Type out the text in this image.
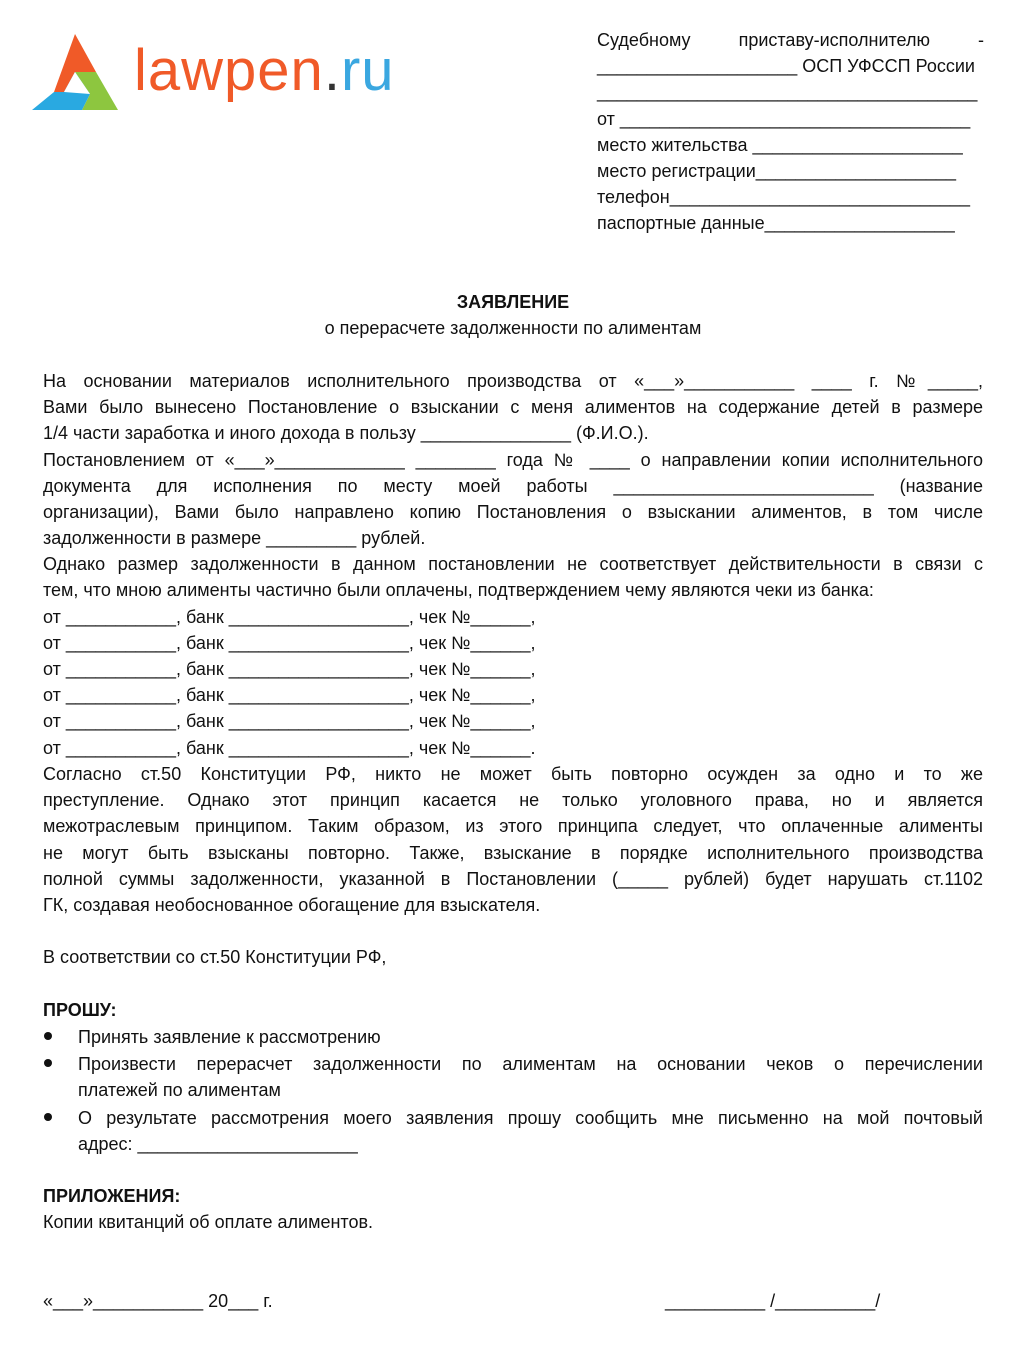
lawpen.ru	Судебному приставу-исполнителю -
____________________ ОСП УФССП России
______________________________________
от ___________________________________
место жительства _____________________
место регистрации____________________
телефон______________________________
паспортные данные___________________
ЗАЯВЛЕНИЕ
о перерасчете задолженности по алиментам
На основании материалов исполнительного производства от «___»___________ ____ г. №_____,
Вами было вынесено Постановление о взыскании с меня алиментов на содержание детей в размере
1/4 части заработка и иного дохода в пользу _______________ (Ф.И.О.).
Постановлением от «___»_____________ ________ года № ____ о направлении копии исполнительного
документа для исполнения по месту моей работы __________________________ (название
организации), Вами было направлено копию Постановления о взыскании алиментов, в том числе
задолженности в размере _________ рублей.
Однако размер задолженности в данном постановлении не соответствует действительности в связи с
тем, что мною алименты частично были оплачены, подтверждением чему являются чеки из банка:
от ___________, банк __________________, чек №______,
от ___________, банк __________________, чек №______,
от ___________, банк __________________, чек №______,
от ___________, банк __________________, чек №______,
от ___________, банк __________________, чек №______,
от ___________, банк __________________, чек №______.
Согласно ст.50 Конституции РФ, никто не может быть повторно осужден за одно и то же
преступление. Однако этот принцип касается не только уголовного права, но и является
межотраслевым принципом. Таким образом, из этого принципа следует, что оплаченные алименты
не могут быть взысканы повторно. Также, взыскание в порядке исполнительного производства
полной суммы задолженности, указанной в Постановлении (_____ рублей) будет нарушать ст.1102
ГК, создавая необоснованное обогащение для взыскателя.
В соответствии со ст.50 Конституции РФ,
ПРОШУ:
Принять заявление к рассмотрению
Произвести перерасчет задолженности по алиментам на основании чеков о перечислении
платежей по алиментам
О результате рассмотрения моего заявления прошу сообщить мне письменно на мой почтовый
адрес: ______________________
ПРИЛОЖЕНИЯ:
Копии квитанций об оплате алиментов.
«___»___________ 20___ г.	__________ /__________/
